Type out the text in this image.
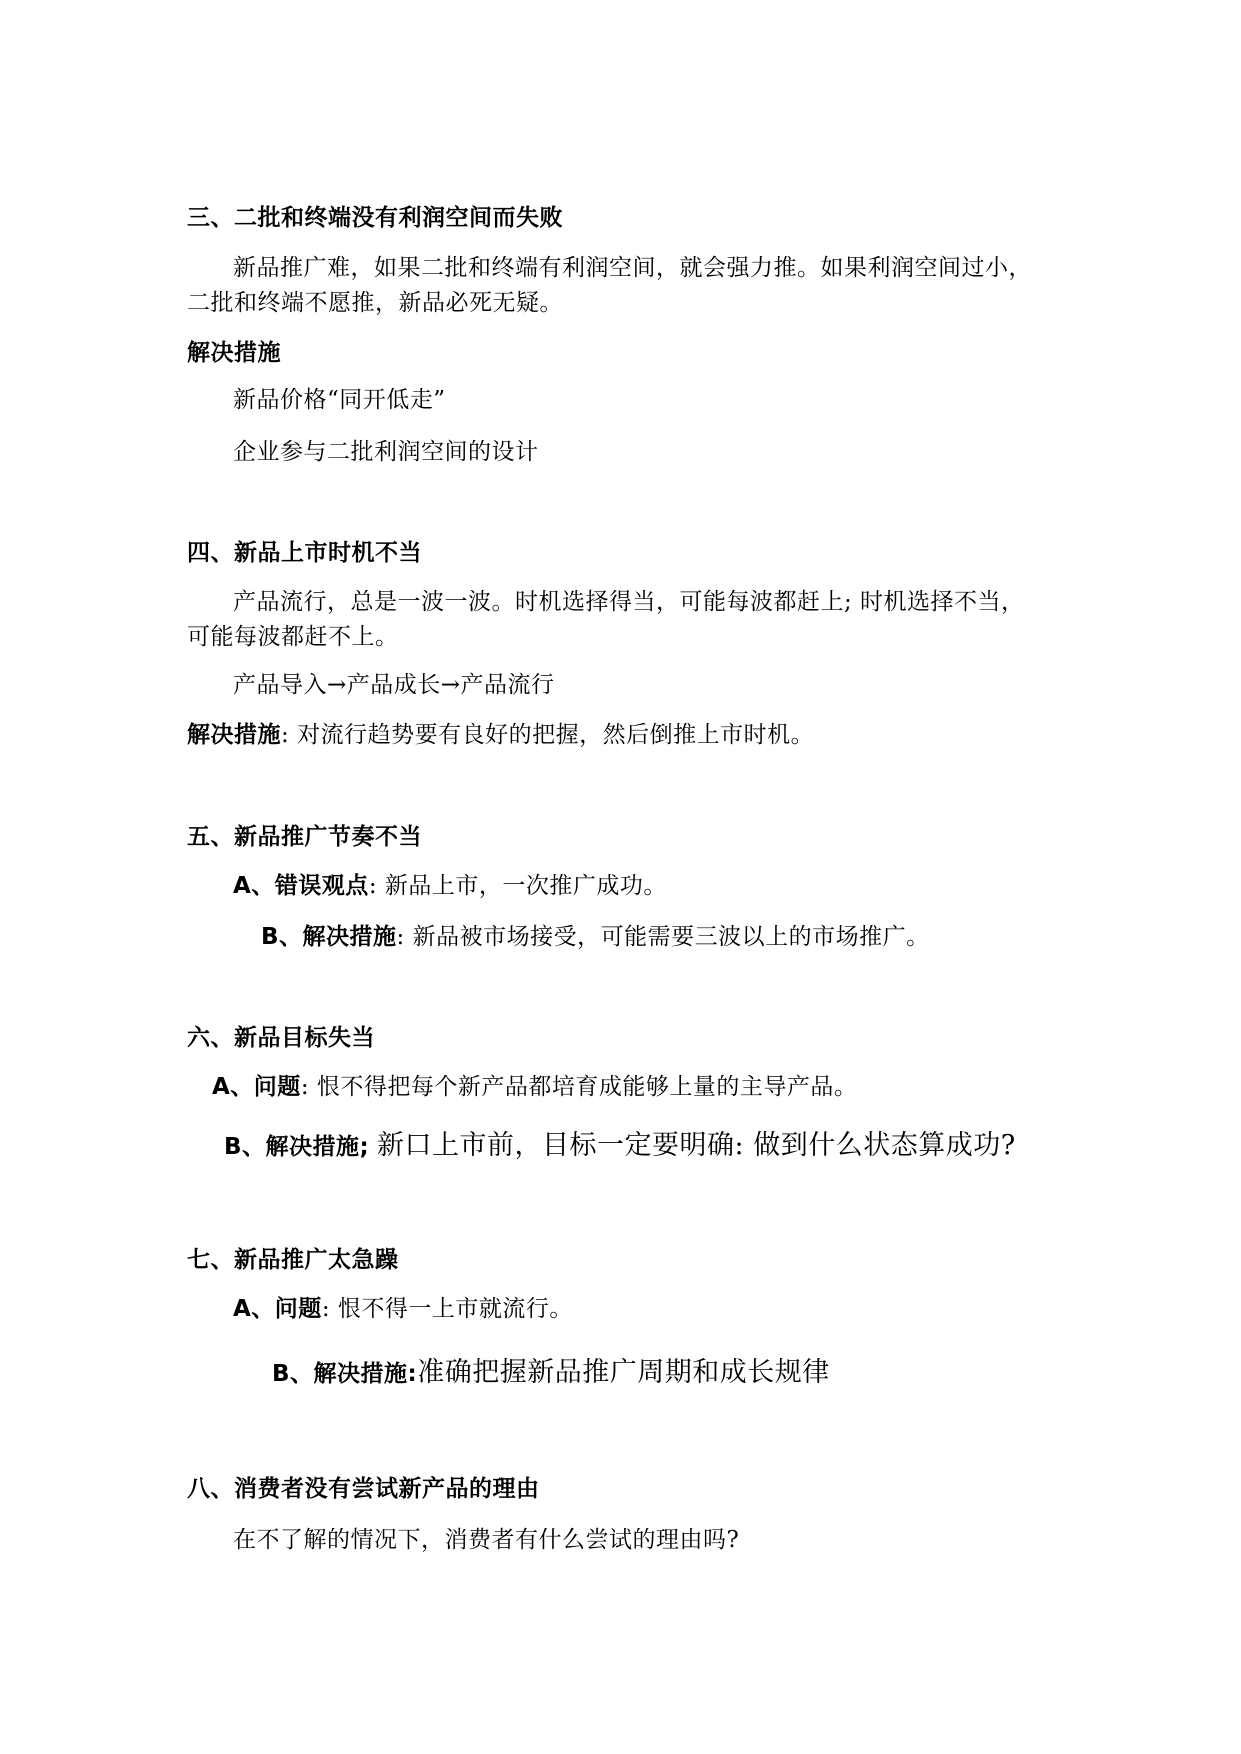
三、二批和终端没有利润空间而失败
新品推广难，如果二批和终端有利润空间，就会强力推。如果利润空间过小，
二批和终端不愿推，新品必死无疑。
解决措施
新品价格“同开低走”
企业参与二批利润空间的设计
四、新品上市时机不当
产品流行，总是一波一波。时机选择得当，可能每波都赶上; 时机选择不当，
可能每波都赶不上。
产品导入→产品成长→产品流行
解决措施: 对流行趋势要有良好的把握，然后倒推上市时机。
五、新品推广节奏不当
A、错误观点: 新品上市，一次推广成功。
B、解决措施: 新品被市场接受，可能需要三波以上的市场推广。
六、新品目标失当
A、问题: 恨不得把每个新产品都培育成能够上量的主导产品。
B、解决措施; 新口上市前，目标一定要明确: 做到什么状态算成功?
七、新品推广太急躁
A、问题: 恨不得一上市就流行。
B、解决措施:准确把握新品推广周期和成长规律
八、消费者没有尝试新产品的理由
在不了解的情况下，消费者有什么尝试的理由吗?
